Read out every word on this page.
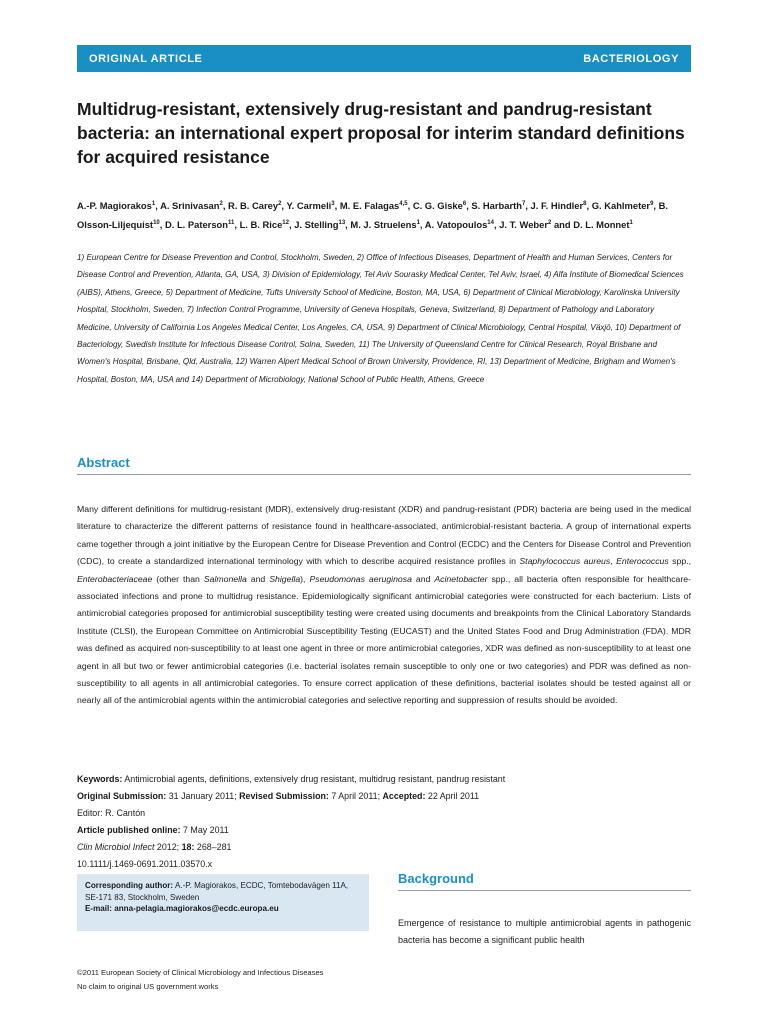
ORIGINAL ARTICLE	BACTERIOLOGY
Multidrug-resistant, extensively drug-resistant and pandrug-resistant bacteria: an international expert proposal for interim standard definitions for acquired resistance

A.-P. Magiorakos$^1$, A. Srinivasan$^2$, R. B. Carey$^2$, Y. Carmeli$^3$, M. E. Falagas$^{4,5}$, C. G. Giske$^6$, S. Harbarth$^7$, J. F. Hindler$^8$, G. Kahlmeter$^9$, B. Olsson-Liljequist$^{10}$, D. L. Paterson$^{11}$, L. B. Rice$^{12}$, J. Stelling$^{13}$, M. J. Struelens$^1$, A. Vatopoulos$^{14}$, J. T. Weber$^2$ and D. L. Monnet$^1$

1) European Centre for Disease Prevention and Control, Stockholm, Sweden, 2) Office of Infectious Diseases, Department of Health and Human Services, Centers for Disease Control and Prevention, Atlanta, GA, USA, 3) Division of Epidemiology, Tel Aviv Sourasky Medical Center, Tel Aviv, Israel, 4) Alfa Institute of Biomedical Sciences (AIBS), Athens, Greece, 5) Department of Medicine, Tufts University School of Medicine, Boston, MA, USA, 6) Department of Clinical Microbiology, Karolinska University Hospital, Stockholm, Sweden, 7) Infection Control Programme, University of Geneva Hospitals, Geneva, Switzerland, 8) Department of Pathology and Laboratory Medicine, University of California Los Angeles Medical Center, Los Angeles, CA, USA, 9) Department of Clinical Microbiology, Central Hospital, Växjö, 10) Department of Bacteriology, Swedish Institute for Infectious Disease Control, Solna, Sweden, 11) The University of Queensland Centre for Clinical Research, Royal Brisbane and Women's Hospital, Brisbane, Qld, Australia, 12) Warren Alpert Medical School of Brown University, Providence, RI, 13) Department of Medicine, Brigham and Women's Hospital, Boston, MA, USA and 14) Department of Microbiology, National School of Public Health, Athens, Greece

Abstract

Many different definitions for multidrug-resistant (MDR), extensively drug-resistant (XDR) and pandrug-resistant (PDR) bacteria are being used in the medical literature to characterize the different patterns of resistance found in healthcare-associated, antimicrobial-resistant bacteria. A group of international experts came together through a joint initiative by the European Centre for Disease Prevention and Control (ECDC) and the Centers for Disease Control and Prevention (CDC), to create a standardized international terminology with which to describe acquired resistance profiles in Staphylococcus aureus, Enterococcus spp., Enterobacteriaceae (other than Salmonella and Shigella), Pseudomonas aeruginosa and Acinetobacter spp., all bacteria often responsible for healthcare-associated infections and prone to multidrug resistance. Epidemiologically significant antimicrobial categories were constructed for each bacterium. Lists of antimicrobial categories proposed for antimicrobial susceptibility testing were created using documents and breakpoints from the Clinical Laboratory Standards Institute (CLSI), the European Committee on Antimicrobial Susceptibility Testing (EUCAST) and the United States Food and Drug Administration (FDA). MDR was defined as acquired non-susceptibility to at least one agent in three or more antimicrobial categories, XDR was defined as non-susceptibility to at least one agent in all but two or fewer antimicrobial categories (i.e. bacterial isolates remain susceptible to only one or two categories) and PDR was defined as non-susceptibility to all agents in all antimicrobial categories. To ensure correct application of these definitions, bacterial isolates should be tested against all or nearly all of the antimicrobial agents within the antimicrobial categories and selective reporting and suppression of results should be avoided.

Keywords: Antimicrobial agents, definitions, extensively drug resistant, multidrug resistant, pandrug resistant
Original Submission: 31 January 2011; Revised Submission: 7 April 2011; Accepted: 22 April 2011
Editor: R. Cantón
Article published online: 7 May 2011
Clin Microbiol Infect 2012; 18: 268–281
10.1111/j.1469-0691.2011.03570.x
Corresponding author: A.-P. Magiorakos, ECDC, Tomtebodavägen 11A, SE-171 83, Stockholm, Sweden
E-mail: anna-pelagia.magiorakos@ecdc.europa.eu
Background

Emergence of resistance to multiple antimicrobial agents in pathogenic bacteria has become a significant public health

©2011 European Society of Clinical Microbiology and Infectious Diseases
No claim to original US government works
